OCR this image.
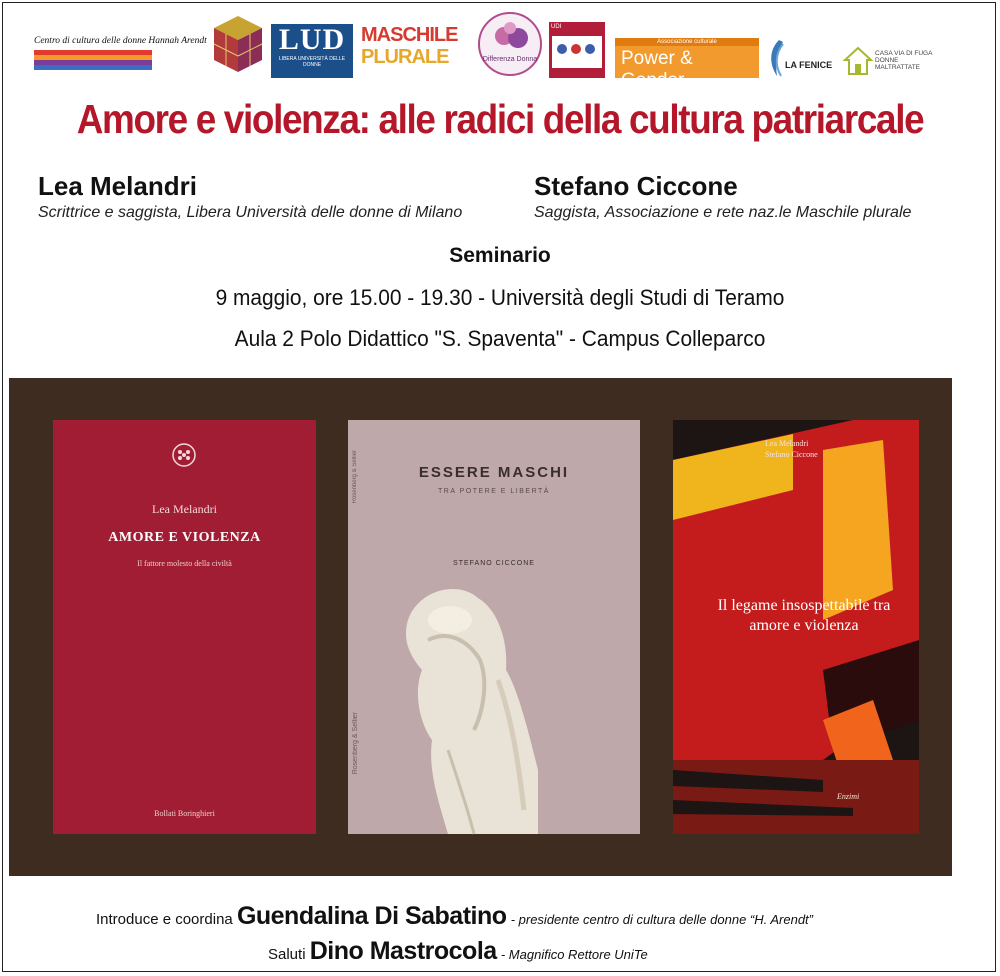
Centro di cultura delle donne Hannah Arendt LUD
LIBERA UNIVERSITÀ DELLE DONNE
MASCHILE
PLURALE	Differenza Donna
UDI
Associazione culturale
Power & Gender
LA FENICE
CASA VIA DI FUGA DONNE MALTRATTATE
Amore e violenza: alle radici della cultura patriarcale
Lea Melandri
Scrittrice e saggista, Libera Università delle donne di Milano
Stefano Ciccone
Saggista, Associazione e rete naz.le Maschile plurale
Seminario
9 maggio, ore 15.00 - 19.30 - Università degli Studi di Teramo
Aula 2 Polo Didattico "S. Spaventa" - Campus Colleparco
Lea Melandri
AMORE E VIOLENZA
Il fattore molesto della civiltà
Bollati Boringhieri
Rosenberg & Sellier	ESSERE MASCHI
TRA POTERE E LIBERTÀ
STEFANO CICCONE
Rosenberg & Sellier
Lea Melandri
Stefano Ciccone
Il legame insospettabile tra amore e violenza
Enzimi
Introduce e coordina Guendalina Di Sabatino - presidente centro di cultura delle donne “H. Arendt”
Saluti Dino Mastrocola - Magnifico Rettore UniTe
